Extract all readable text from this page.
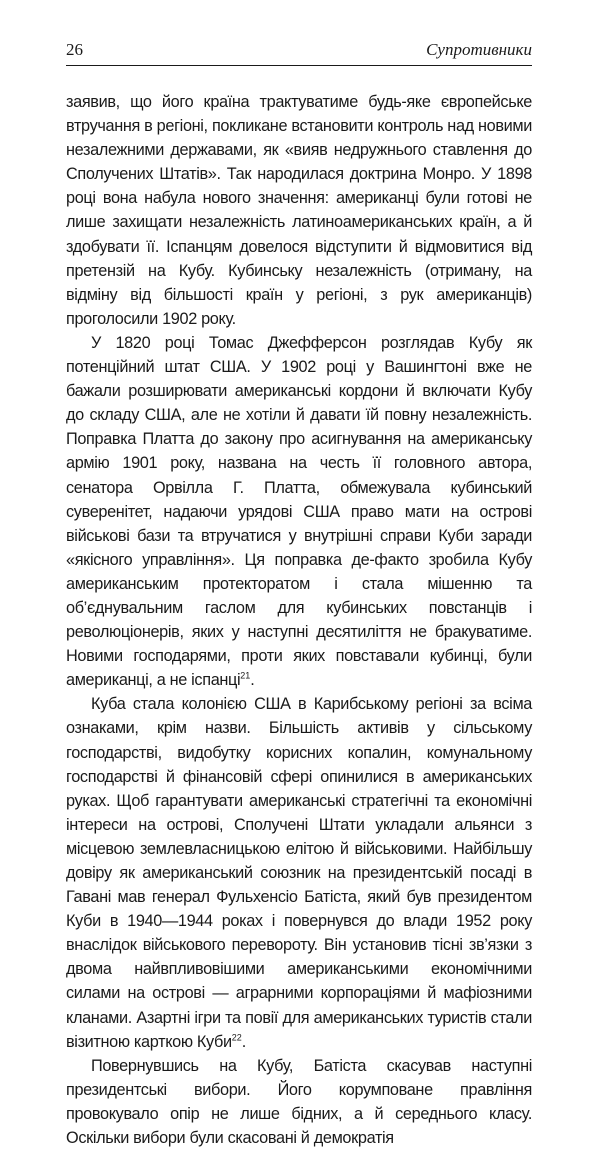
26	Супротивники

заявив, що його країна трактуватиме будь-яке європейське втручання в регіоні, покликане встановити контроль над новими незалежними державами, як «вияв недружнього ставлення до Сполучених Штатів». Так народилася доктрина Монро. У 1898 році вона набула нового значення: американці були готові не лише захищати незалежність латиноамериканських країн, а й здобувати її. Іспанцям довелося відступити й відмовитися від претензій на Кубу. Кубинську незалежність (отриману, на відміну від більшості країн у регіоні, з рук американців) проголосили 1902 року.

У 1820 році Томас Джефферсон розглядав Кубу як потенційний штат США. У 1902 році у Вашингтоні вже не бажали розширювати американські кордони й включати Кубу до складу США, але не хотіли й давати їй повну незалежність. Поправка Платта до закону про асигнування на американську армію 1901 року, названа на честь її головного автора, сенатора Орвілла Г. Платта, обмежувала кубинський суверенітет, надаючи урядові США право мати на острові військові бази та втручатися у внутрішні справи Куби заради «якісного управління». Ця поправка де-факто зробила Кубу американським протекторатом і стала мішенню та об’єднувальним гаслом для кубинських повстанців і революціонерів, яких у наступні десятиліття не бракуватиме. Новими господарями, проти яких повставали кубинці, були американці, а не іспанці$^{21}$.

Куба стала колонією США в Карибському регіоні за всіма ознаками, крім назви. Більшість активів у сільському господарстві, видобутку корисних копалин, комунальному господарстві й фінансовій сфері опинилися в американських руках. Щоб гарантувати американські стратегічні та економічні інтереси на острові, Сполучені Штати укладали альянси з місцевою землевласницькою елітою й військовими. Найбільшу довіру як американський союзник на президентській посаді в Гавані мав генерал Фульхенсіо Батіста, який був президентом Куби в 1940—1944 роках і повернувся до влади 1952 року внаслідок військового перевороту. Він установив тісні зв’язки з двома найвпливовішими американськими економічними силами на острові — аграрними корпораціями й мафіозними кланами. Азартні ігри та повії для американських туристів стали візитною карткою Куби$^{22}$.

Повернувшись на Кубу, Батіста скасував наступні президентські вибори. Його корумповане правління провокувало опір не лише бідних, а й середнього класу. Оскільки вибори були скасовані й демократія
